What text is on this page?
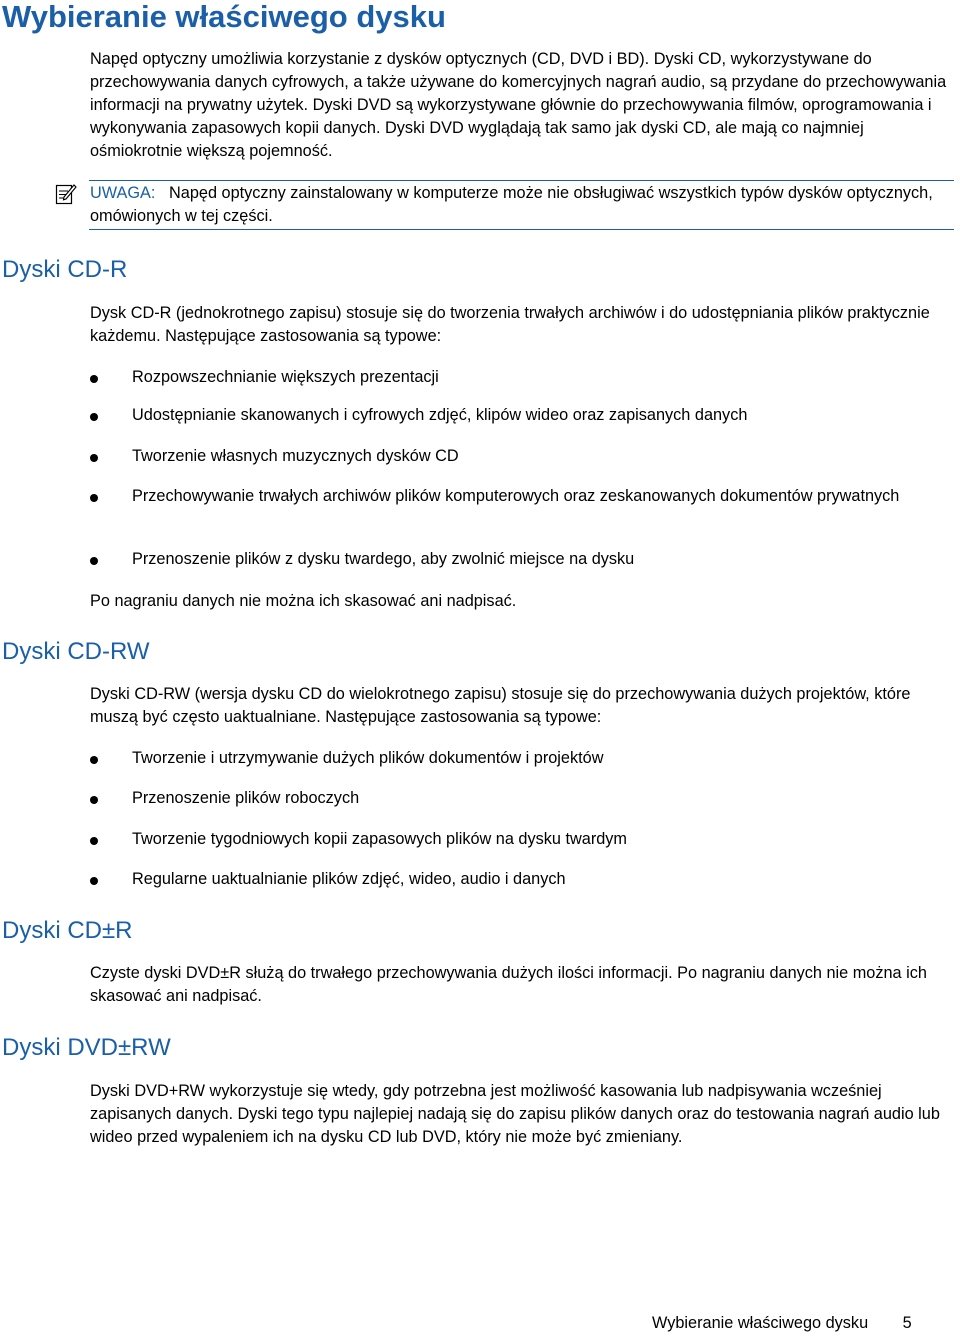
Wybieranie właściwego dysku

Napęd optyczny umożliwia korzystanie z dysków optycznych (CD, DVD i BD). Dyski CD, wykorzystywane do przechowywania danych cyfrowych, a także używane do komercyjnych nagrań audio, są przydane do przechowywania informacji na prywatny użytek. Dyski DVD są wykorzystywane głównie do przechowywania filmów, oprogramowania i wykonywania zapasowych kopii danych. Dyski DVD wyglądają tak samo jak dyski CD, ale mają co najmniej ośmiokrotnie większą pojemność.

UWAGA: Napęd optyczny zainstalowany w komputerze może nie obsługiwać wszystkich typów dysków optycznych, omówionych w tej części.

Dyski CD-R

Dysk CD-R (jednokrotnego zapisu) stosuje się do tworzenia trwałych archiwów i do udostępniania plików praktycznie każdemu. Następujące zastosowania są typowe:

Rozpowszechnianie większych prezentacji
Udostępnianie skanowanych i cyfrowych zdjęć, klipów wideo oraz zapisanych danych
Tworzenie własnych muzycznych dysków CD
Przechowywanie trwałych archiwów plików komputerowych oraz zeskanowanych dokumentów prywatnych
Przenoszenie plików z dysku twardego, aby zwolnić miejsce na dysku

Po nagraniu danych nie można ich skasować ani nadpisać.

Dyski CD-RW

Dyski CD-RW (wersja dysku CD do wielokrotnego zapisu) stosuje się do przechowywania dużych projektów, które muszą być często uaktualniane. Następujące zastosowania są typowe:

Tworzenie i utrzymywanie dużych plików dokumentów i projektów
Przenoszenie plików roboczych
Tworzenie tygodniowych kopii zapasowych plików na dysku twardym
Regularne uaktualnianie plików zdjęć, wideo, audio i danych
Dyski CD±R

Czyste dyski DVD±R służą do trwałego przechowywania dużych ilości informacji. Po nagraniu danych nie można ich skasować ani nadpisać.

Dyski DVD±RW

Dyski DVD+RW wykorzystuje się wtedy, gdy potrzebna jest możliwość kasowania lub nadpisywania wcześniej zapisanych danych. Dyski tego typu najlepiej nadają się do zapisu plików danych oraz do testowania nagrań audio lub wideo przed wypaleniem ich na dysku CD lub DVD, który nie może być zmieniany.

Wybieranie właściwego dysku 5
